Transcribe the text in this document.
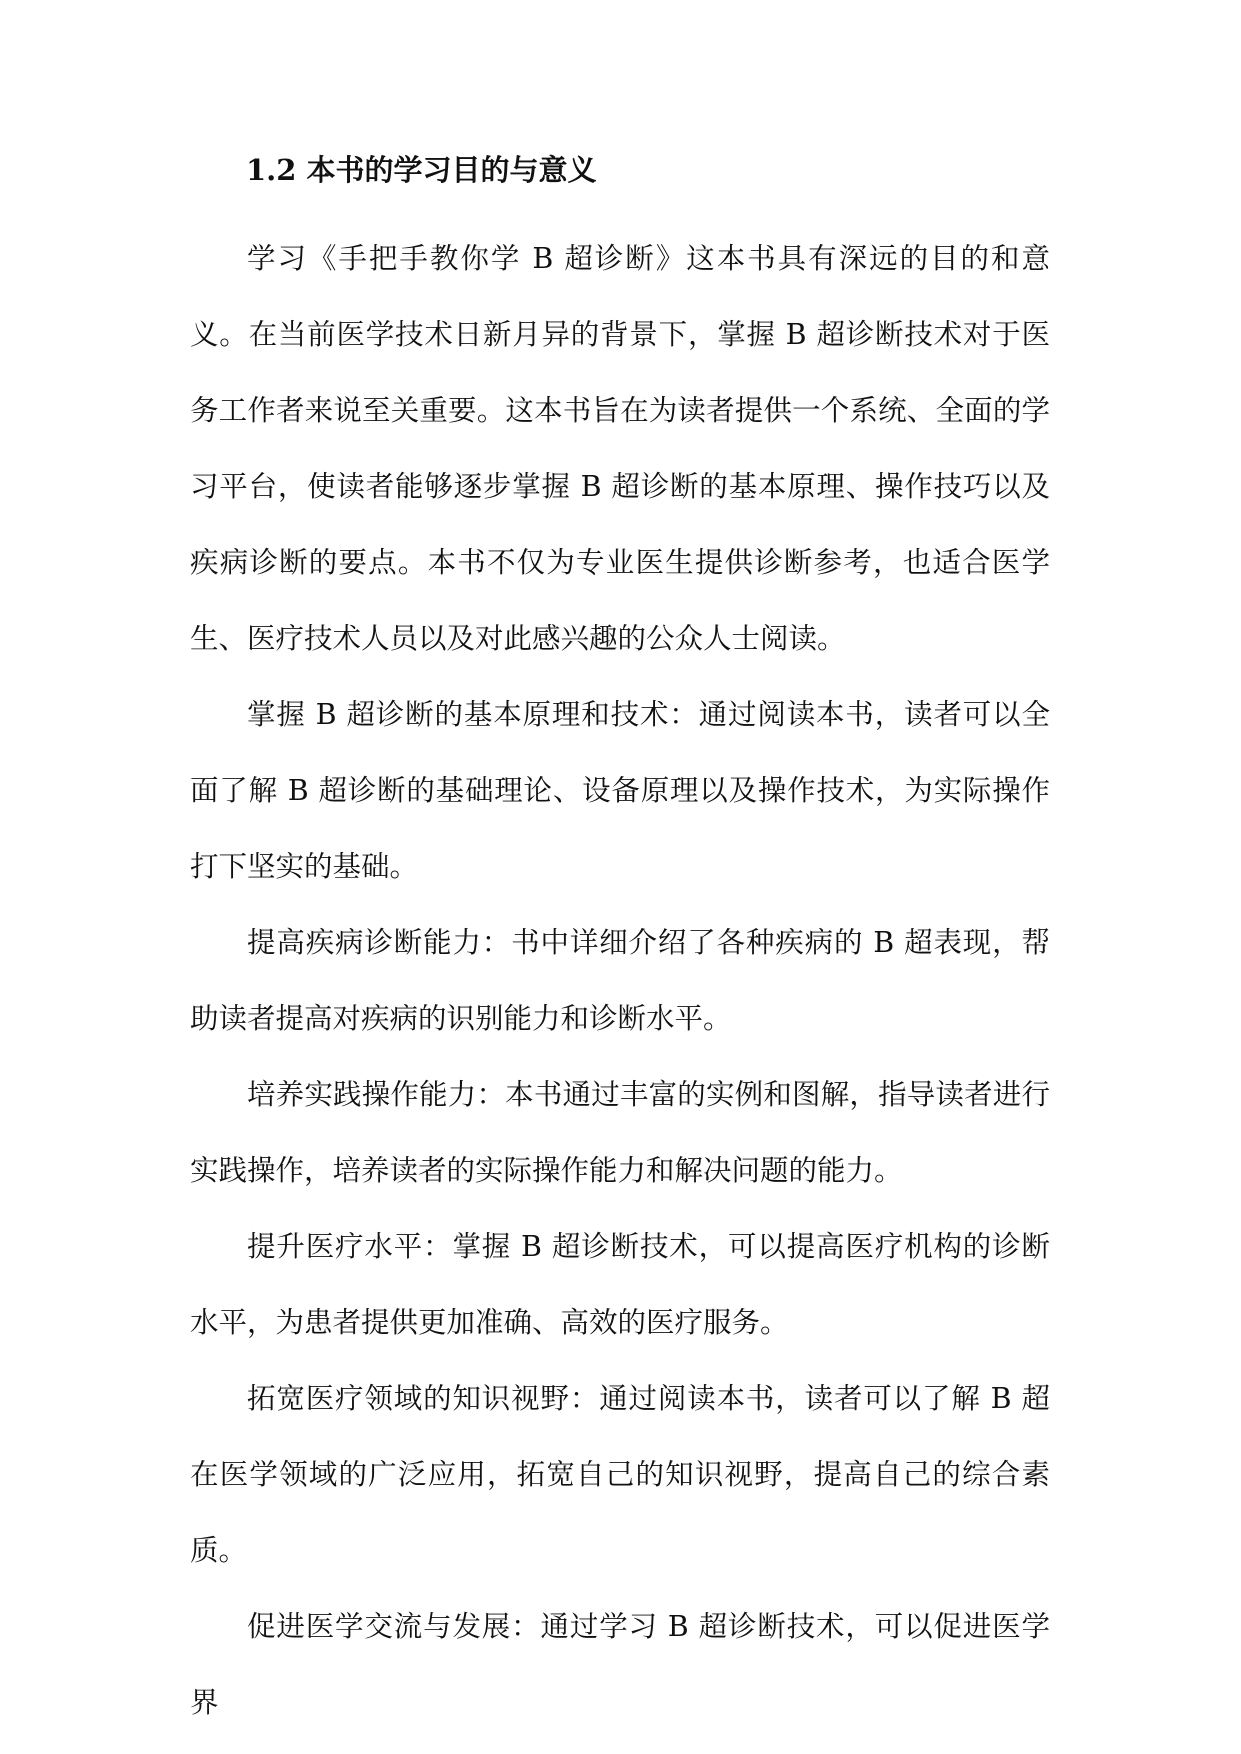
1.2 本书的学习目的与意义

学习《手把手教你学 B 超诊断》这本书具有深远的目的和意义。在当前医学技术日新月异的背景下，掌握 B 超诊断技术对于医务工作者来说至关重要。这本书旨在为读者提供一个系统、全面的学习平台，使读者能够逐步掌握 B 超诊断的基本原理、操作技巧以及疾病诊断的要点。本书不仅为专业医生提供诊断参考，也适合医学生、医疗技术人员以及对此感兴趣的公众人士阅读。

掌握 B 超诊断的基本原理和技术：通过阅读本书，读者可以全面了解 B 超诊断的基础理论、设备原理以及操作技术，为实际操作打下坚实的基础。

提高疾病诊断能力：书中详细介绍了各种疾病的 B 超表现，帮助读者提高对疾病的识别能力和诊断水平。

培养实践操作能力：本书通过丰富的实例和图解，指导读者进行实践操作，培养读者的实际操作能力和解决问题的能力。

提升医疗水平：掌握 B 超诊断技术，可以提高医疗机构的诊断水平，为患者提供更加准确、高效的医疗服务。

拓宽医疗领域的知识视野：通过阅读本书，读者可以了解 B 超在医学领域的广泛应用，拓宽自己的知识视野，提高自己的综合素质。

促进医学交流与发展：通过学习 B 超诊断技术，可以促进医学界
